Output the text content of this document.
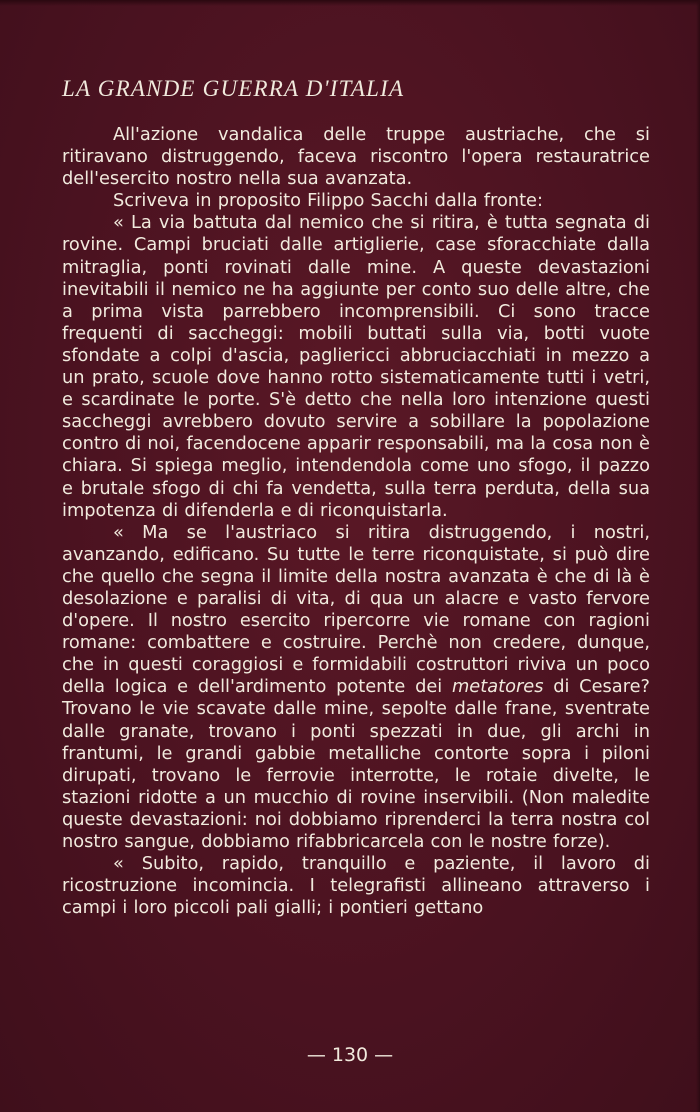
LA GRANDE GUERRA D'ITALIA

All'azione vandalica delle truppe austriache, che si ritiravano distruggendo, faceva riscontro l'opera restauratrice dell'esercito nostro nella sua avanzata.

Scriveva in proposito Filippo Sacchi dalla fronte:

« La via battuta dal nemico che si ritira, è tutta segnata di rovine. Campi bruciati dalle artiglierie, case sforacchiate dalla mitraglia, ponti rovinati dalle mine. A queste devastazioni inevitabili il nemico ne ha aggiunte per conto suo delle altre, che a prima vista parrebbero incomprensibili. Ci sono tracce frequenti di saccheggi: mobili buttati sulla via, botti vuote sfondate a colpi d'ascia, pagliericci abbruciacchiati in mezzo a un prato, scuole dove hanno rotto sistematicamente tutti i vetri, e scardinate le porte. S'è detto che nella loro intenzione questi saccheggi avrebbero dovuto servire a sobillare la popolazione contro di noi, facendocene apparir responsabili, ma la cosa non è chiara. Si spiega meglio, intendendola come uno sfogo, il pazzo e brutale sfogo di chi fa vendetta, sulla terra perduta, della sua impotenza di difenderla e di riconquistarla.

« Ma se l'austriaco si ritira distruggendo, i nostri, avanzando, edificano. Su tutte le terre riconquistate, si può dire che quello che segna il limite della nostra avanzata è che di là è desolazione e paralisi di vita, di qua un alacre e vasto fervore d'opere. Il nostro esercito ripercorre vie romane con ragioni romane: combattere e costruire. Perchè non credere, dunque, che in questi coraggiosi e formidabili costruttori riviva un poco della logica e dell'ardimento potente dei metatores di Cesare? Trovano le vie scavate dalle mine, sepolte dalle frane, sventrate dalle granate, trovano i ponti spezzati in due, gli archi in frantumi, le grandi gabbie metalliche contorte sopra i piloni dirupati, trovano le ferrovie interrotte, le rotaie divelte, le stazioni ridotte a un mucchio di rovine inservibili. (Non maledite queste devastazioni: noi dobbiamo riprenderci la terra nostra col nostro sangue, dobbiamo rifabbricarcela con le nostre forze).

« Subito, rapido, tranquillo e paziente, il lavoro di ricostruzione incomincia. I telegrafisti allineano attraverso i campi i loro piccoli pali gialli; i pontieri gettano

— 130 —
